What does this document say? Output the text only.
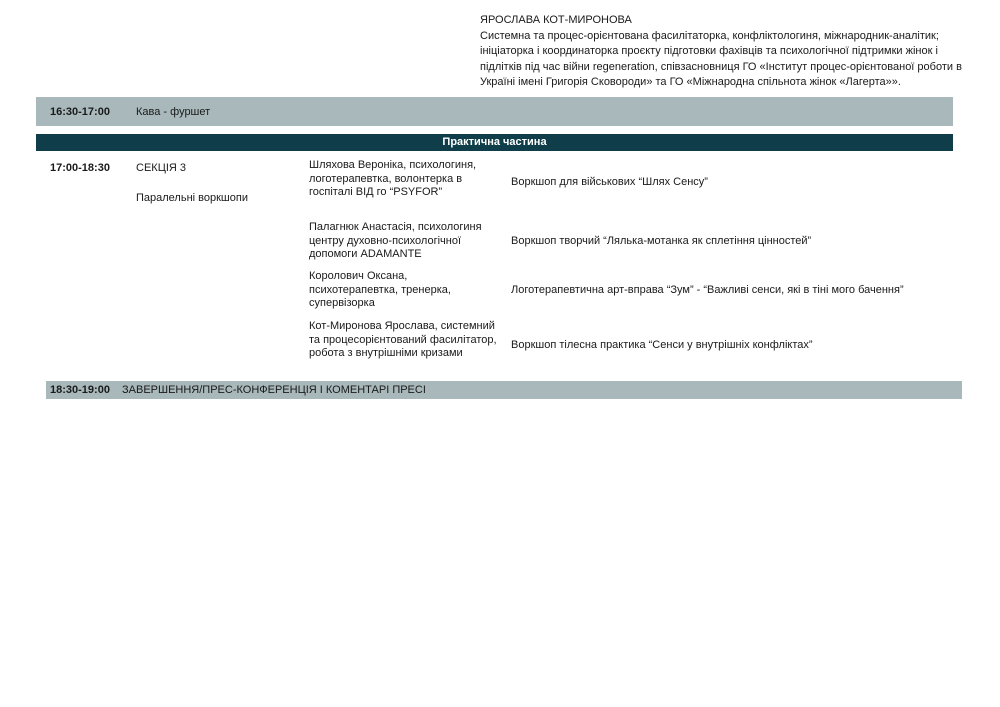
ЯРОСЛАВА КОТ-МИРОНОВА
Системна та процес-орієнтована фасилітаторка, конфліктологиня, міжнародник-аналітик; ініціаторка і координаторка проєкту підготовки фахівців та психологічної підтримки жінок і підлітків під час війни regeneration, співзасновниця ГО «Інститут процес-орієнтованої роботи в Україні імені Григорія Сковороди» та ГО «Міжнародна спільнота жінок «Лагерта»».
16:30-17:00	Кава - фуршет
Практична частина
17:00-18:30 СЕКЦІЯ 3
Паралельні воркшопи
Шляхова Вероніка, психологиня, логотерапевтка, волонтерка в госпіталі ВІД го “PSYFOR”
Воркшоп для військових “Шлях Сенсу”
Палагнюк Анастасія, психологиня центру духовно-психологічної допомоги ADAMANTE
Воркшоп творчий “Лялька-мотанка як сплетіння цінностей”
Королович Оксана, психотерапевтка, тренерка, супервізорка
Логотерапевтична арт-вправа “Зум” - “Важливі сенси, які в тіні мого бачення”
Кот-Миронова Ярослава, системний та процесорієнтований фасилітатор, робота з внутрішніми кризами
Воркшоп тілесна практика “Сенси у внутрішніх конфліктах”
18:30-19:00	ЗАВЕРШЕННЯ/ПРЕС-КОНФЕРЕНЦІЯ І КОМЕНТАРІ ПРЕСІ
